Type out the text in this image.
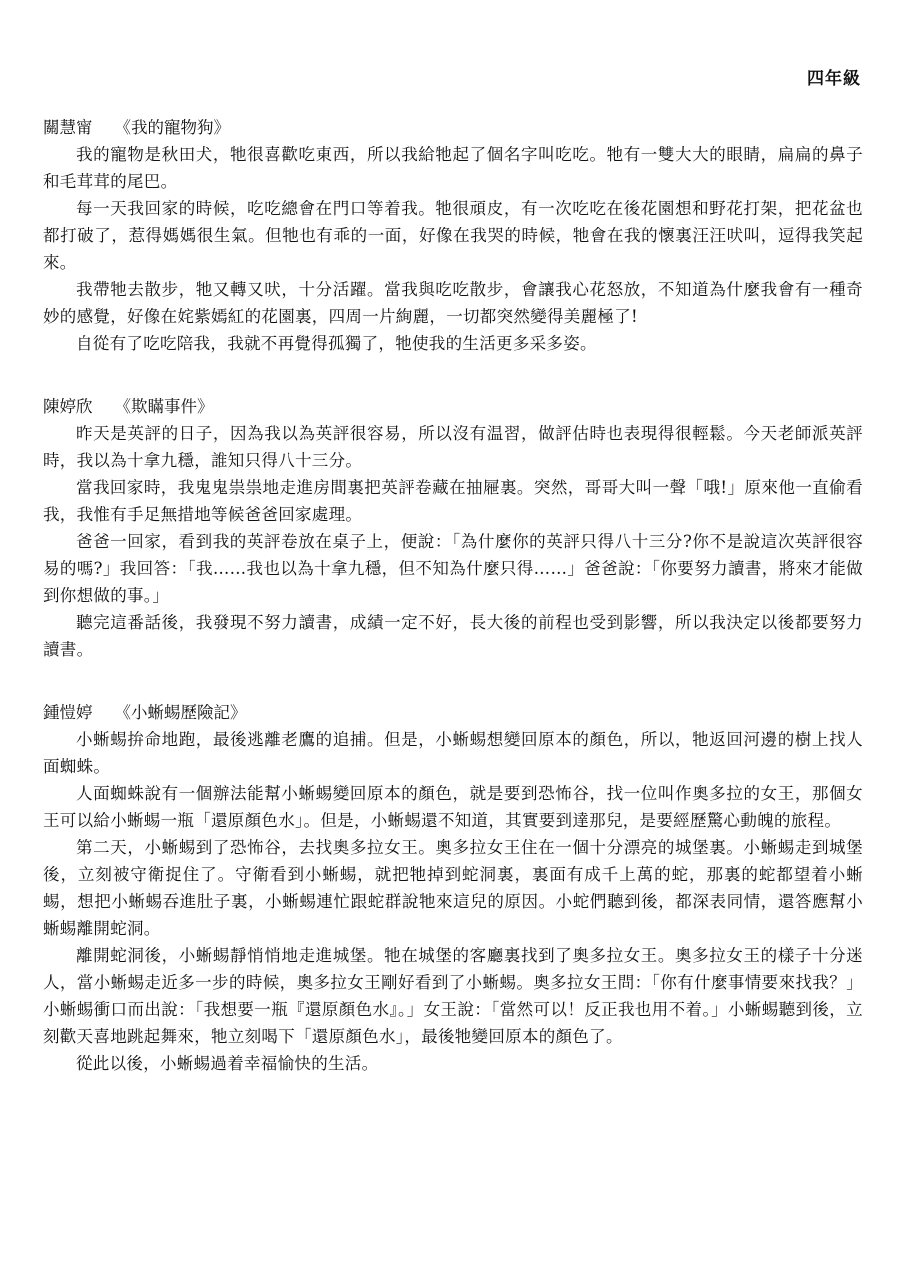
四年級

關慧甯 《我的寵物狗》

我的寵物是秋田犬，牠很喜歡吃東西，所以我給牠起了個名字叫吃吃。牠有一雙大大的眼睛，扁扁的鼻子和毛茸茸的尾巴。

每一天我回家的時候，吃吃總會在門口等着我。牠很頑皮，有一次吃吃在後花園想和野花打架，把花盆也都打破了，惹得媽媽很生氣。但牠也有乖的一面，好像在我哭的時候，牠會在我的懷裏汪汪吠叫，逗得我笑起來。

我帶牠去散步，牠又轉又吠，十分活躍。當我與吃吃散步，會讓我心花怒放，不知道為什麼我會有一種奇妙的感覺，好像在姹紫嫣紅的花園裏，四周一片絢麗，一切都突然變得美麗極了!

自從有了吃吃陪我，我就不再覺得孤獨了，牠使我的生活更多采多姿。

陳婷欣 《欺瞞事件》

昨天是英評的日子，因為我以為英評很容易，所以沒有温習，做評估時也表現得很輕鬆。今天老師派英評時，我以為十拿九穩，誰知只得八十三分。

當我回家時，我鬼鬼祟祟地走進房間裏把英評卷藏在抽屜裏。突然，哥哥大叫一聲「哦!」原來他一直偷看我，我惟有手足無措地等候爸爸回家處理。

爸爸一回家，看到我的英評卷放在桌子上，便說：「為什麼你的英評只得八十三分?你不是說這次英評很容易的嗎?」我回答：「我……我也以為十拿九穩，但不知為什麼只得……」爸爸說：「你要努力讀書，將來才能做到你想做的事。」

聽完這番話後，我發現不努力讀書，成績一定不好，長大後的前程也受到影響，所以我決定以後都要努力讀書。

鍾愷婷 《小蜥蜴歷險記》

小蜥蜴拚命地跑，最後逃離老鷹的追捕。但是，小蜥蜴想變回原本的顏色，所以，牠返回河邊的樹上找人面蜘蛛。

人面蜘蛛說有一個辦法能幫小蜥蜴變回原本的顏色，就是要到恐怖谷，找一位叫作奧多拉的女王，那個女王可以給小蜥蜴一瓶「還原顏色水」。但是，小蜥蜴還不知道，其實要到達那兒，是要經歷驚心動魄的旅程。

第二天，小蜥蜴到了恐怖谷，去找奧多拉女王。奧多拉女王住在一個十分漂亮的城堡裏。小蜥蜴走到城堡後，立刻被守衛捉住了。守衛看到小蜥蜴，就把牠掉到蛇洞裏，裏面有成千上萬的蛇，那裏的蛇都望着小蜥蜴，想把小蜥蜴吞進肚子裏，小蜥蜴連忙跟蛇群說牠來這兒的原因。小蛇們聽到後，都深表同情，還答應幫小蜥蜴離開蛇洞。

離開蛇洞後，小蜥蜴靜悄悄地走進城堡。牠在城堡的客廳裏找到了奧多拉女王。奧多拉女王的樣子十分迷人，當小蜥蜴走近多一步的時候，奧多拉女王剛好看到了小蜥蜴。奧多拉女王問：「你有什麼事情要來找我？」小蜥蜴衝口而出說：「我想要一瓶『還原顏色水』。」女王說：「當然可以！反正我也用不着。」小蜥蜴聽到後，立刻歡天喜地跳起舞來，牠立刻喝下「還原顏色水」，最後牠變回原本的顏色了。

從此以後，小蜥蜴過着幸福愉快的生活。
